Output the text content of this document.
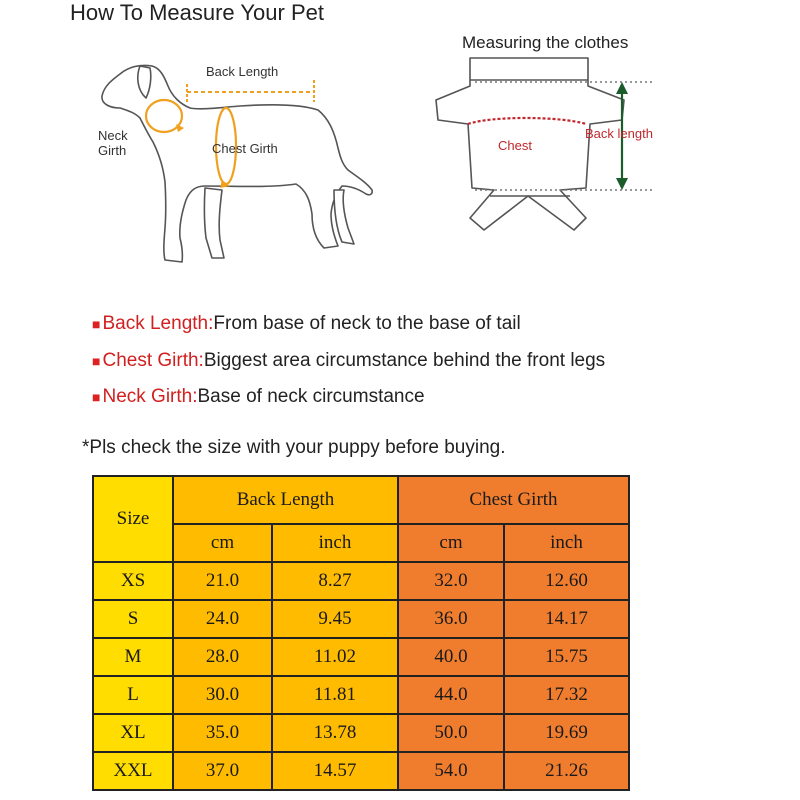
How To Measure Your Pet
Measuring the clothes
Back Length
Neck
Girth	Chest Girth	Chest
Back length
■ Back Length:From base of neck to the base of tail
■ Chest Girth:Biggest area circumstance behind the front legs
■ Neck Girth:Base of neck circumstance
*Pls check the size with your puppy before buying.
Size	Back Length		Chest Girth	
	cm	inch	cm	inch
XS	21.0	8.27	32.0	12.60
S	24.0	9.45	36.0	14.17
M	28.0	11.02	40.0	15.75
L	30.0	11.81	44.0	17.32
XL	35.0	13.78	50.0	19.69
XXL	37.0	14.57	54.0	21.26
